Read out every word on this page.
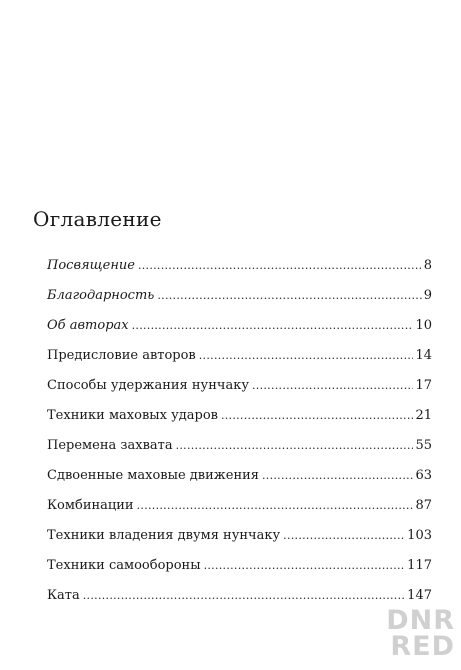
Оглавление
Посвящение . . .	8
Благодарность . . .	9
Об авторах . . .	10
Предисловие авторов . . .	14
Способы удержания нунчаку . . .	17
Техники маховых ударов . . .	21
Перемена захвата . . .	55
Сдвоенные маховые движения . . .	63
Комбинации . . .	87
Техники владения двумя нунчаку . . .	103
Техники самообороны . . .	117
Ката . . .	147
DNR
RED
